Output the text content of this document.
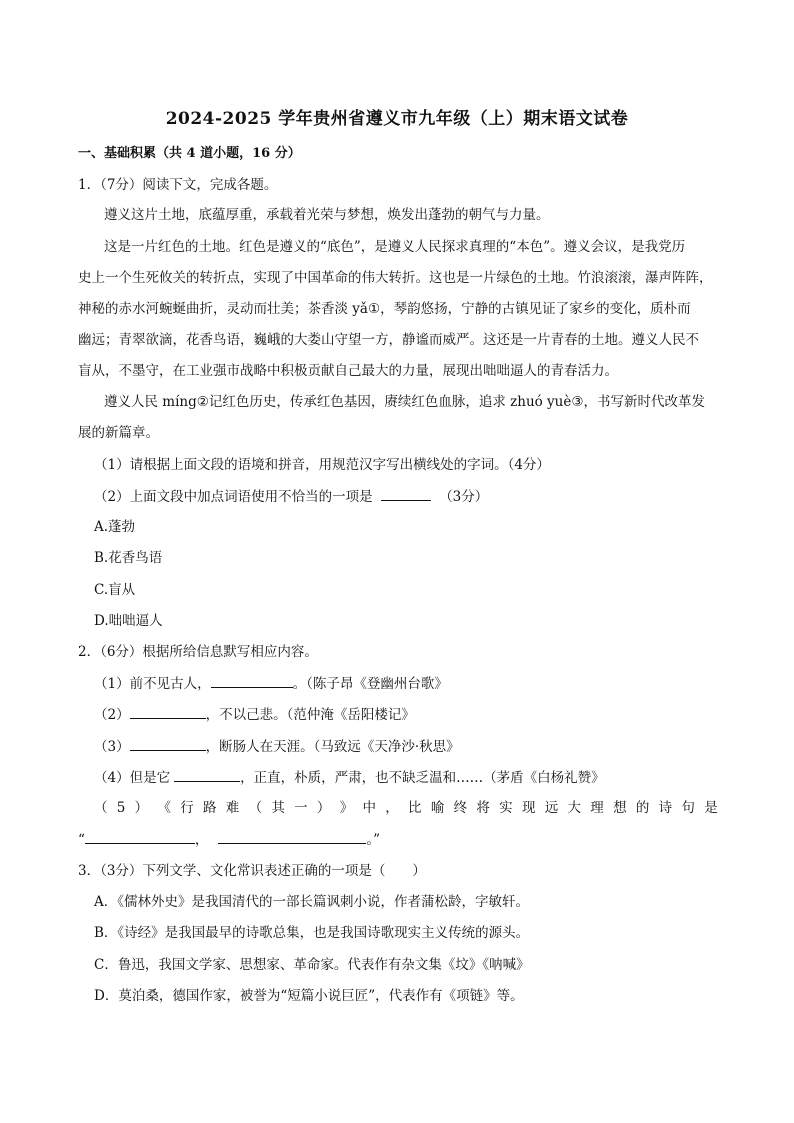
2024-2025 学年贵州省遵义市九年级（上）期末语文试卷
一、基础积累（共 4 道小题，16 分）
1．（7分）阅读下文，完成各题。
遵义这片土地，底蕴厚重，承载着光荣与梦想，焕发出蓬勃的朝气与力量。
这是一片红色的土地。红色是遵义的“底色”，是遵义人民探求真理的“本色”。遵义会议，是我党历
史上一个生死攸关的转折点，实现了中国革命的伟大转折。这也是一片绿色的土地。竹浪滚滚，瀑声阵阵，
神秘的赤水河蜿蜒曲折，灵动而壮美；茶香淡 yǎ①，琴韵悠扬，宁静的古镇见证了家乡的变化，质朴而
幽远；青翠欲滴，花香鸟语，巍峨的大娄山守望一方，静谧而威严。这还是一片青春的土地。遵义人民不
盲从，不墨守，在工业强市战略中积极贡献自己最大的力量，展现出咄咄逼人的青春活力。
遵义人民 míng②记红色历史，传承红色基因，赓续红色血脉，追求 zhuó yuè③，书写新时代改革发
展的新篇章。
（1）请根据上面文段的语境和拼音，用规范汉字写出横线处的字词。（4分）
（2）上面文段中加点词语使用不恰当的一项是	（3分）
A.蓬勃
B.花香鸟语
C.盲从
D.咄咄逼人
2．（6分）根据所给信息默写相应内容。
（1）前不见古人，	。（陈子昂《登幽州台歌》
（2）	，不以己悲。（范仲淹《岳阳楼记》
（3）	，断肠人在天涯。（马致远《天净沙·秋思》
（4）但是它	，正直，朴质，严肃，也不缺乏温和……（茅盾《白杨礼赞》
（ 5 ） 《 行 路 难 （ 其 一 ） 》 中 ， 比 喻 终 将 实 现 远 大 理 想 的 诗 句 是
“	，	。”
3．（3分）下列文学、文化常识表述正确的一项是（　　）
A．《儒林外史》是我国清代的一部长篇讽刺小说，作者蒲松龄，字敏轩。
B．《诗经》是我国最早的诗歌总集，也是我国诗歌现实主义传统的源头。
C．鲁迅，我国文学家、思想家、革命家。代表作有杂文集《坟》《呐喊》
D．莫泊桑，德国作家，被誉为“短篇小说巨匠”，代表作有《项链》等。
